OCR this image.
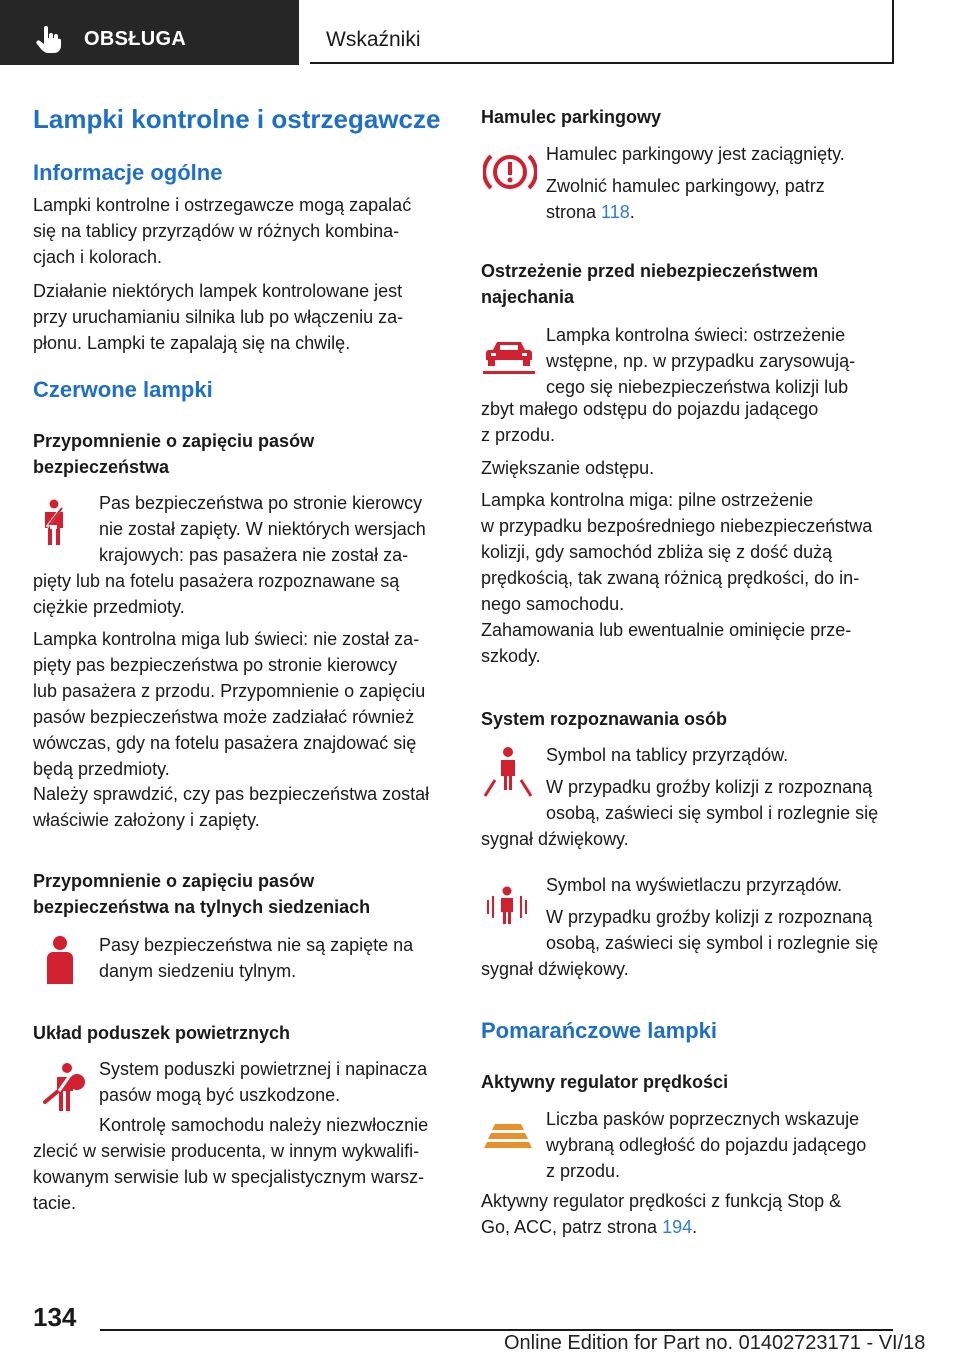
OBSŁUGA	Wskaźniki
Lampki kontrolne i ostrzegawcze
Informacje ogólne
Lampki kontrolne i ostrzegawcze mogą zapalać
się na tablicy przyrządów w różnych kombina‐
cjach i kolorach.
Działanie niektórych lampek kontrolowane jest
przy uruchamianiu silnika lub po włączeniu za‐
płonu. Lampki te zapalają się na chwilę.
Czerwone lampki
Przypomnienie o zapięciu pasów
bezpieczeństwa
Pas bezpieczeństwa po stronie kierowcy
nie został zapięty. W niektórych wersjach
krajowych: pas pasażera nie został za‐
pięty lub na fotelu pasażera rozpoznawane są
ciężkie przedmioty.
Lampka kontrolna miga lub świeci: nie został za‐
pięty pas bezpieczeństwa po stronie kierowcy
lub pasażera z przodu. Przypomnienie o zapięciu
pasów bezpieczeństwa może zadziałać również
wówczas, gdy na fotelu pasażera znajdować się
będą przedmioty.
Należy sprawdzić, czy pas bezpieczeństwa został
właściwie założony i zapięty.
Przypomnienie o zapięciu pasów
bezpieczeństwa na tylnych siedzeniach
Pasy bezpieczeństwa nie są zapięte na
danym siedzeniu tylnym.
Układ poduszek powietrznych
System poduszki powietrznej i napinacza
pasów mogą być uszkodzone.
Kontrolę samochodu należy niezwłocznie
zlecić w serwisie producenta, w innym wykwalifi‐
kowanym serwisie lub w specjalistycznym warsz‐
tacie.
Hamulec parkingowy
Hamulec parkingowy jest zaciągnięty.
Zwolnić hamulec parkingowy, patrz
strona 118.
Ostrzeżenie przed niebezpieczeństwem
najechania
Lampka kontrolna świeci: ostrzeżenie
wstępne, np. w przypadku zarysowują‐
cego się niebezpieczeństwa kolizji lub
zbyt małego odstępu do pojazdu jadącego
z przodu.
Zwiększanie odstępu.
Lampka kontrolna miga: pilne ostrzeżenie
w przypadku bezpośredniego niebezpieczeństwa
kolizji, gdy samochód zbliża się z dość dużą
prędkością, tak zwaną różnicą prędkości, do in‐
nego samochodu.
Zahamowania lub ewentualnie ominięcie prze‐
szkody.
System rozpoznawania osób
Symbol na tablicy przyrządów.
W przypadku groźby kolizji z rozpoznaną
osobą, zaświeci się symbol i rozlegnie się
sygnał dźwiękowy.
Symbol na wyświetlaczu przyrządów.
W przypadku groźby kolizji z rozpoznaną
osobą, zaświeci się symbol i rozlegnie się
sygnał dźwiękowy.
Pomarańczowe lampki
Aktywny regulator prędkości
Liczba pasków poprzecznych wskazuje
wybraną odległość do pojazdu jadącego
z przodu.
Aktywny regulator prędkości z funkcją Stop &
Go, ACC, patrz strona 194.
134
Online Edition for Part no. 01402723171 - VI/18
